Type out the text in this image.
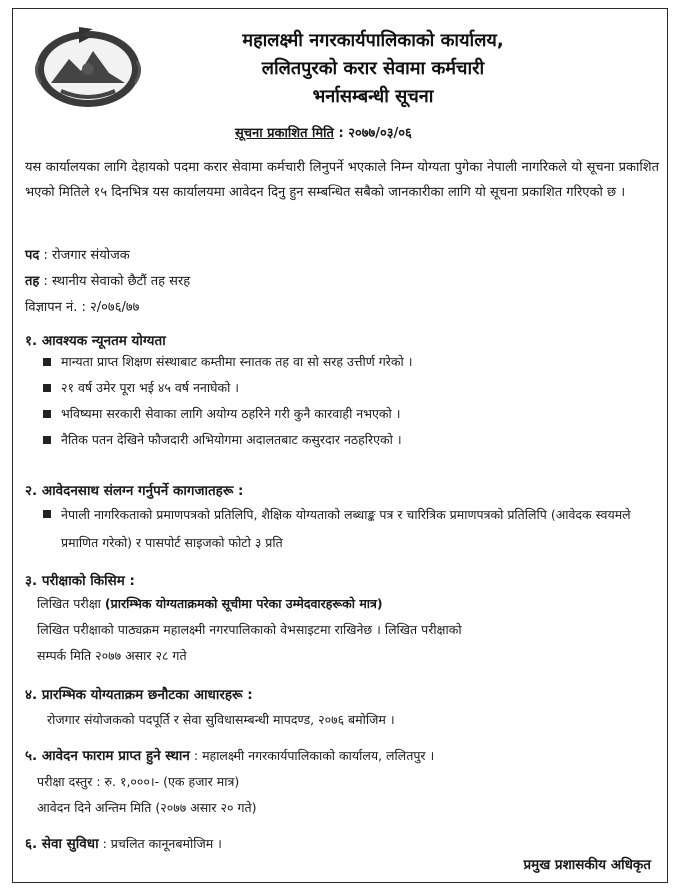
महालक्ष्मी नगरकार्यपालिकाको कार्यालय,
ललितपुरको करार सेवामा कर्मचारी
भर्नासम्बन्धी सूचना
सूचना प्रकाशित मिति : २०७७/०३/०६

यस कार्यालयका लागि देहायको पदमा करार सेवामा कर्मचारी लिनुपर्ने भएकाले निम्न योग्यता पुगेका नेपाली नागरिकले यो सूचना प्रकाशित भएको मितिले १५ दिनभित्र यस कार्यालयमा आवेदन दिनु हुन सम्बन्धित सबैको जानकारीका लागि यो सूचना प्रकाशित गरिएको छ ।

पद : रोजगार संयोजक
तह : स्थानीय सेवाको छैटौं तह सरह
विज्ञापन नं. : २/०७६/७७
१. आवश्यक न्यूनतम योग्यता
मान्यता प्राप्त शिक्षण संस्थाबाट कम्तीमा स्नातक तह वा सो सरह उत्तीर्ण गरेको ।
२१ वर्ष उमेर पूरा भई ४५ वर्ष ननाघेको ।
भविष्यमा सरकारी सेवाका लागि अयोग्य ठहरिने गरी कुनै कारवाही नभएको ।
नैतिक पतन देखिने फौजदारी अभियोगमा अदालतबाट कसुरदार नठहरिएको ।
२. आवेदनसाथ संलग्न गर्नुपर्ने कागजातहरू :
नेपाली नागरिकताको प्रमाणपत्रको प्रतिलिपि, शैक्षिक योग्यताको लब्धाङ्क पत्र र चारित्रिक प्रमाणपत्रको प्रतिलिपि (आवेदक स्वयमले प्रमाणित गरेको) र पासपोर्ट साइजको फोटो ३ प्रति
३. परीक्षाको किसिम :
लिखित परीक्षा (प्रारम्भिक योग्यताक्रमको सूचीमा परेका उम्मेदवारहरूको मात्र)
लिखित परीक्षाको पाठ्यक्रम महालक्ष्मी नगरपालिकाको वेभसाइटमा राखिनेछ । लिखित परीक्षाको
सम्पर्क मिति २०७७ असार २८ गते
४. प्रारम्भिक योग्यताक्रम छनौटका आधारहरू :
रोजगार संयोजकको पदपूर्ति र सेवा सुविधासम्बन्धी मापदण्ड, २०७६ बमोजिम ।
५. आवेदन फाराम प्राप्त हुने स्थान : महालक्ष्मी नगरकार्यपालिकाको कार्यालय, ललितपुर ।
परीक्षा दस्तुर : रु. १,०००।- (एक हजार मात्र)
आवेदन दिने अन्तिम मिति (२०७७ असार २० गते)
६. सेवा सुविधा : प्रचलित कानूनबमोजिम ।
प्रमुख प्रशासकीय अधिकृत
